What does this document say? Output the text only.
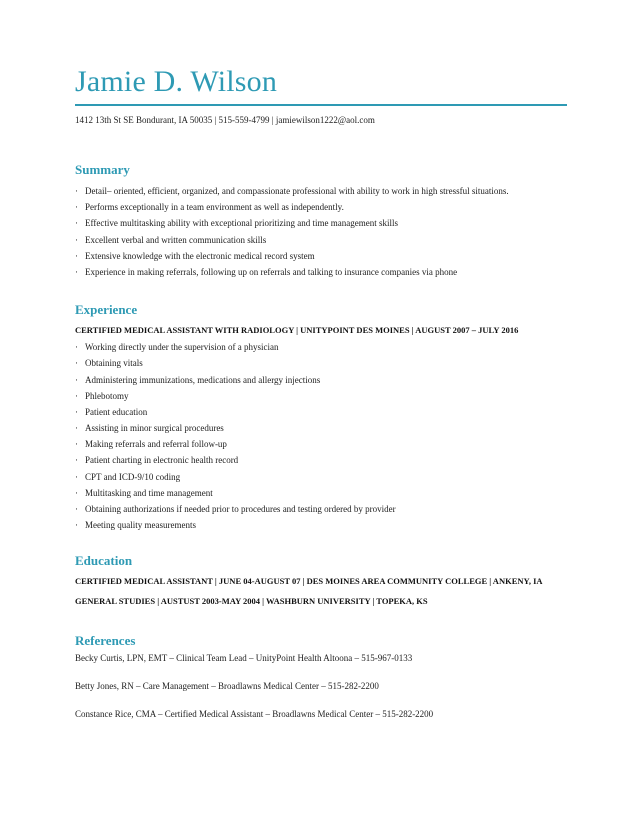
Jamie D. Wilson
1412 13th St SE Bondurant, IA 50035 | 515-559-4799 | jamiewilson1222@aol.com
Summary
· Detail– oriented, efficient, organized, and compassionate professional with ability to work in high stressful situations.
· Performs exceptionally in a team environment as well as independently.
· Effective multitasking ability with exceptional prioritizing and time management skills
· Excellent verbal and written communication skills
· Extensive knowledge with the electronic medical record system
· Experience in making referrals, following up on referrals and talking to insurance companies via phone
Experience

CERTIFIED MEDICAL ASSISTANT WITH RADIOLOGY | UNITYPOINT DES MOINES | AUGUST 2007 – JULY 2016

· Working directly under the supervision of a physician
· Obtaining vitals
· Administering immunizations, medications and allergy injections
· Phlebotomy
· Patient education
· Assisting in minor surgical procedures
· Making referrals and referral follow-up
· Patient charting in electronic health record
· CPT and ICD-9/10 coding
· Multitasking and time management
· Obtaining authorizations if needed prior to procedures and testing ordered by provider
· Meeting quality measurements
Education

CERTIFIED MEDICAL ASSISTANT | JUNE 04-AUGUST 07 | DES MOINES AREA COMMUNITY COLLEGE | ANKENY, IA

GENERAL STUDIES | AUSTUST 2003-MAY 2004 | WASHBURN UNIVERSITY | TOPEKA, KS

References

Becky Curtis, LPN, EMT – Clinical Team Lead – UnityPoint Health Altoona – 515-967-0133

Betty Jones, RN – Care Management – Broadlawns Medical Center – 515-282-2200

Constance Rice, CMA – Certified Medical Assistant – Broadlawns Medical Center – 515-282-2200
